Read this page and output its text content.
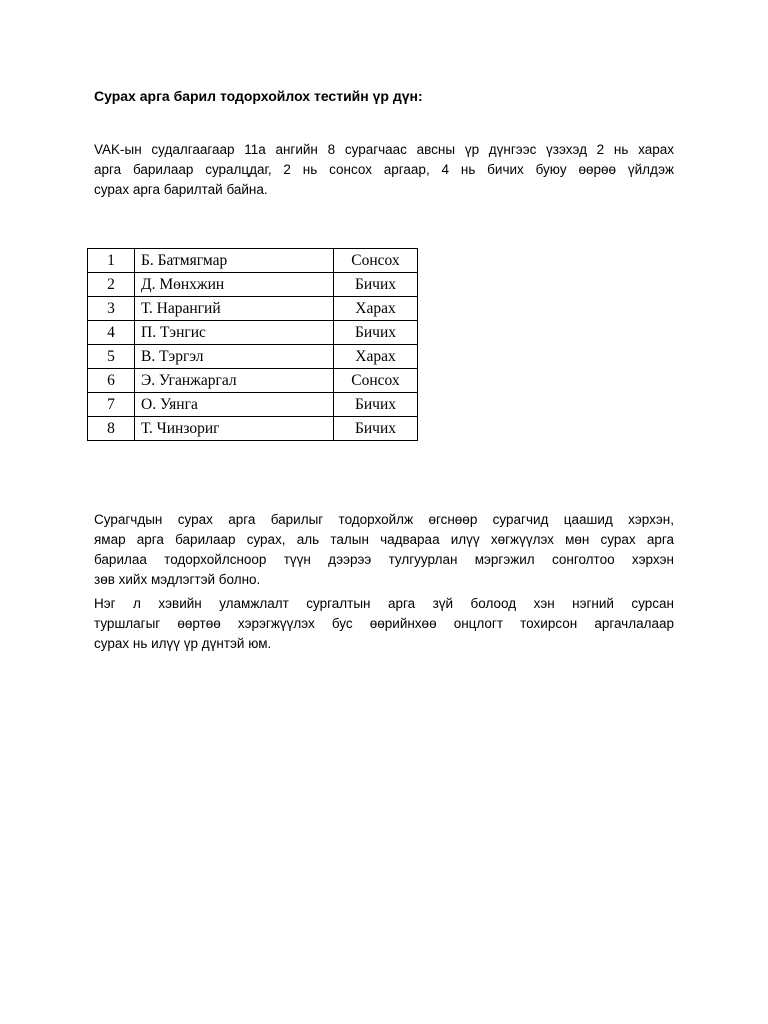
Сурах арга барил тодорхойлох тестийн үр дүн:

VAK-ын судалгаагаар 11а ангийн 8 сурагчаас авсны үр дүнгээс үзэхэд 2 нь харах
арга барилаар суралцдаг, 2 нь сонсох аргаар, 4 нь бичих буюу өөрөө үйлдэж
сурах арга барилтай байна.

1	Б. Батмягмар	Сонсох
2	Д. Мөнхжин	Бичих
3	Т. Нарангий	Харах
4	П. Тэнгис	Бичих
5	В. Тэргэл	Харах
6	Э. Уганжаргал	Сонсох
7	О. Уянга	Бичих
8	Т. Чинзориг	Бичих

Сурагчдын сурах арга барилыг тодорхойлж өгснөөр сурагчид цаашид хэрхэн,
ямар арга барилаар сурах, аль талын чадвараа илүү хөгжүүлэх мөн сурах арга
барилаа тодорхойлсноор түүн дээрээ тулгуурлан мэргэжил сонголтоо хэрхэн
зөв хийх мэдлэгтэй болно.

Нэг л хэвийн уламжлалт сургалтын арга зүй болоод хэн нэгний сурсан
туршлагыг өөртөө хэрэгжүүлэх бус өөрийнхөө онцлогт тохирсон аргачлалаар
сурах нь илүү үр дүнтэй юм.
